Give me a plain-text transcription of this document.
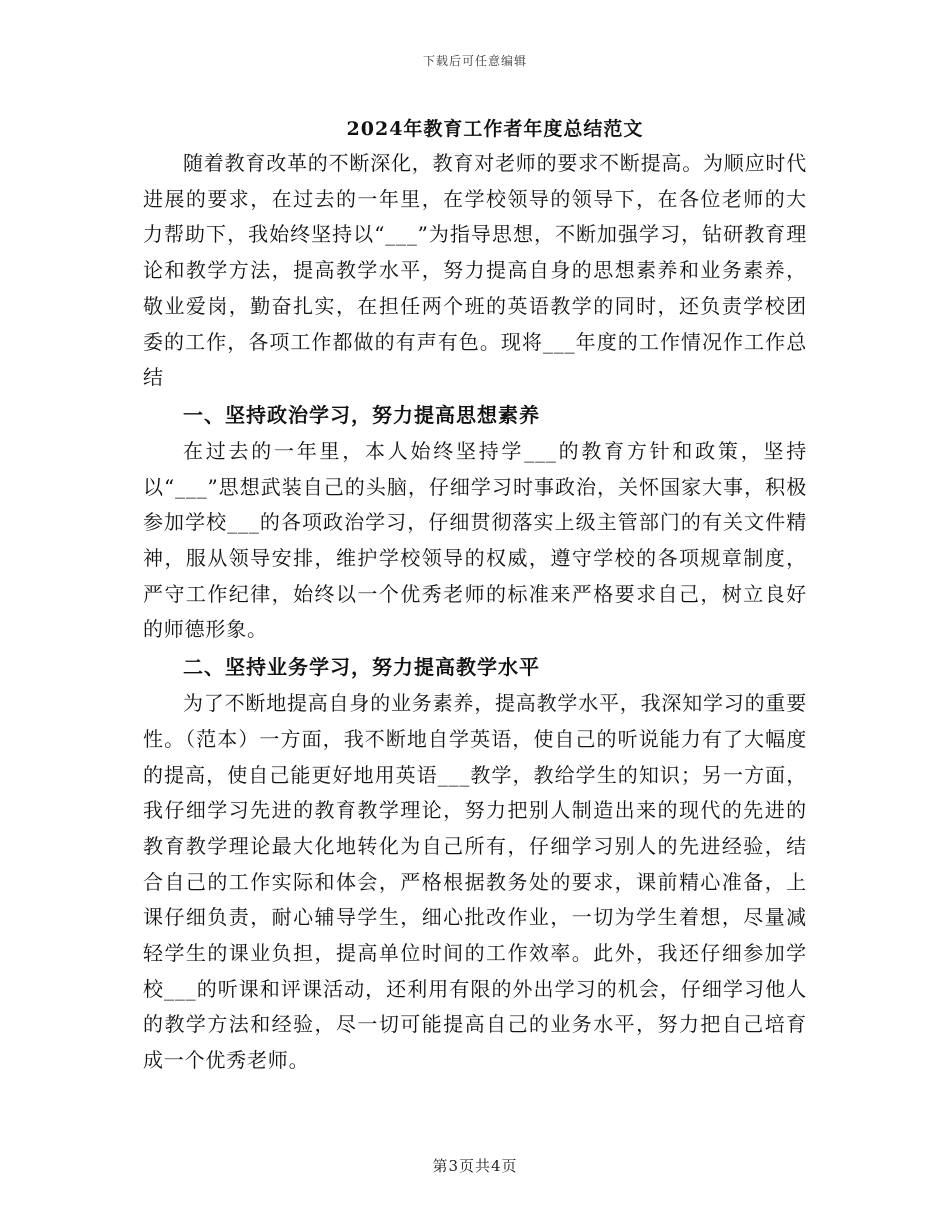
下载后可任意编辑
2024年教育工作者年度总结范文

随着教育改革的不断深化，教育对老师的要求不断提高。为顺应时代进展的要求，在过去的一年里，在学校领导的领导下，在各位老师的大力帮助下，我始终坚持以“___”为指导思想，不断加强学习，钻研教育理论和教学方法，提高教学水平，努力提高自身的思想素养和业务素养，敬业爱岗，勤奋扎实，在担任两个班的英语教学的同时，还负责学校团委的工作，各项工作都做的有声有色。现将___年度的工作情况作工作总结

一、坚持政治学习，努力提高思想素养

在过去的一年里，本人始终坚持学___的教育方针和政策，坚持以“___”思想武装自己的头脑，仔细学习时事政治，关怀国家大事，积极参加学校___的各项政治学习，仔细贯彻落实上级主管部门的有关文件精神，服从领导安排，维护学校领导的权威，遵守学校的各项规章制度，严守工作纪律，始终以一个优秀老师的标准来严格要求自己，树立良好的师德形象。

二、坚持业务学习，努力提高教学水平

为了不断地提高自身的业务素养，提高教学水平，我深知学习的重要性。（范本）一方面，我不断地自学英语，使自己的听说能力有了大幅度的提高，使自己能更好地用英语___教学，教给学生的知识；另一方面，我仔细学习先进的教育教学理论，努力把别人制造出来的现代的先进的教育教学理论最大化地转化为自己所有，仔细学习别人的先进经验，结合自己的工作实际和体会，严格根据教务处的要求，课前精心准备，上课仔细负责，耐心辅导学生，细心批改作业，一切为学生着想，尽量减轻学生的课业负担，提高单位时间的工作效率。此外，我还仔细参加学校___的听课和评课活动，还利用有限的外出学习的机会，仔细学习他人的教学方法和经验，尽一切可能提高自己的业务水平，努力把自己培育成一个优秀老师。

第3页共4页
